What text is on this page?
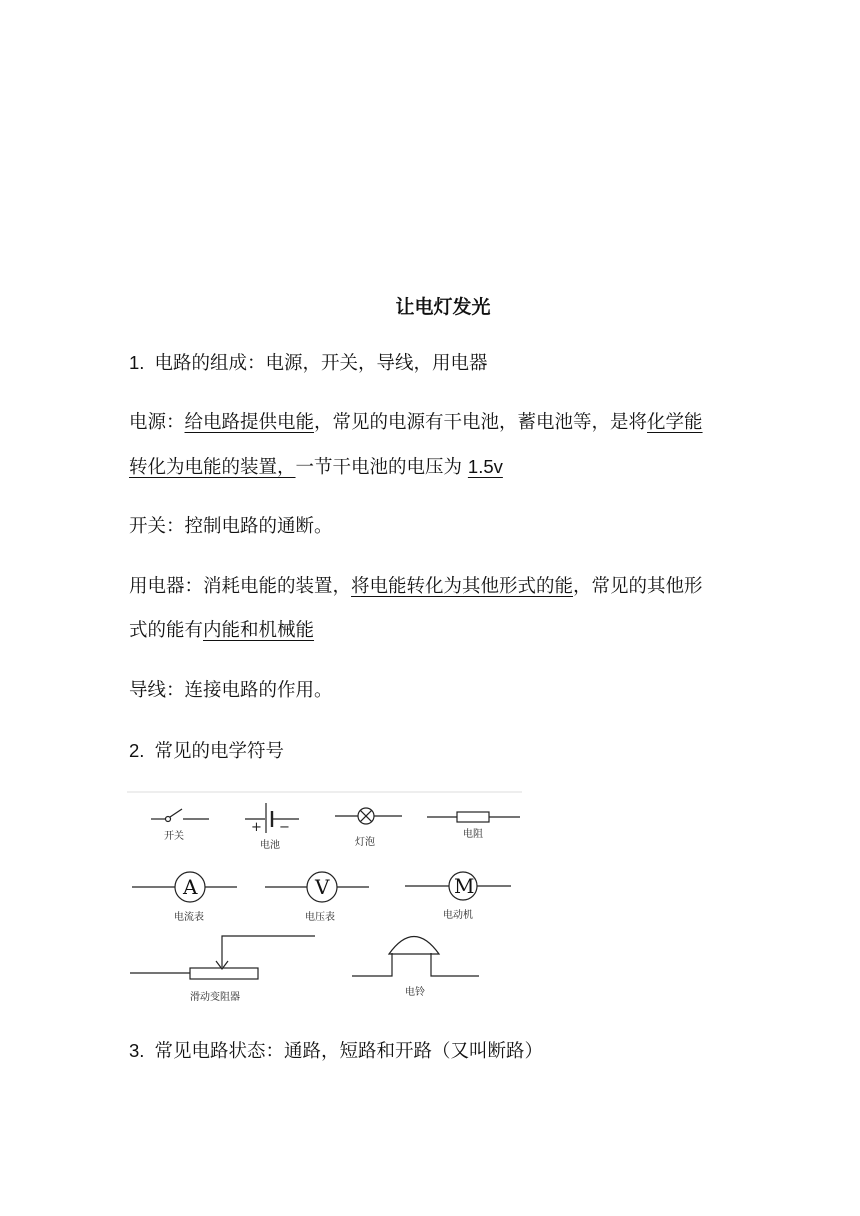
让电灯发光
1. 电路的组成：电源，开关，导线，用电器
电源：给电路提供电能，常见的电源有干电池，蓄电池等，是将化学能
转化为电能的装置，一节干电池的电压为 1.5v
开关：控制电路的通断。
用电器：消耗电能的装置，将电能转化为其他形式的能，常见的其他形
式的能有内能和机械能
导线：连接电路的作用。
2. 常见的电学符号
开关
+ −
电池	灯泡
电阻
A
电流表
V
电压表
M
电动机
滑动变阻器	电铃
3. 常见电路状态：通路，短路和开路（又叫断路）
